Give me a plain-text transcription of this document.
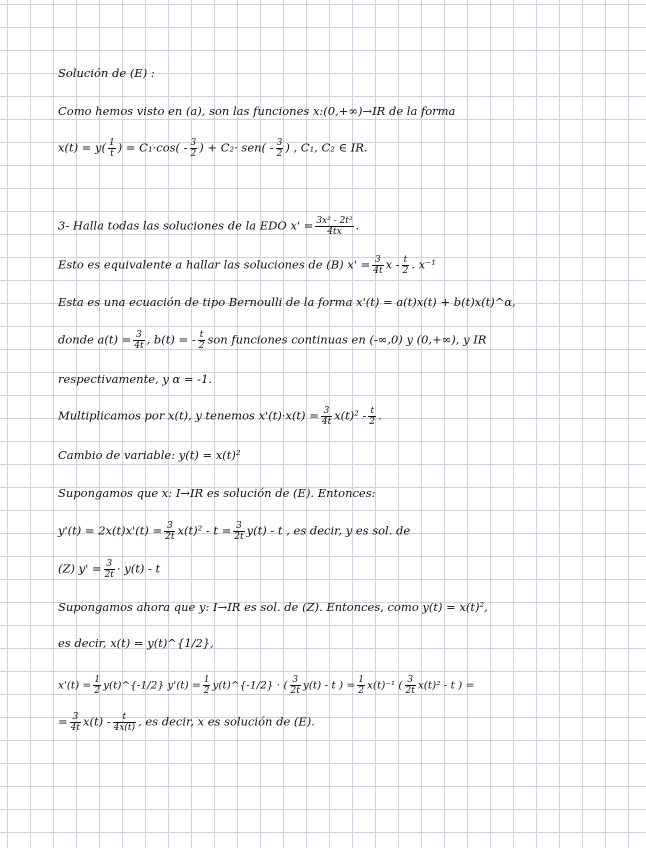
Solución de (E) :
Como hemos visto en (a), son las funciones x:(0,+∞)→IR de la forma
$x(t) = y( \frac{1}{t}$ ) = $C_1\cdot\cos( - \frac{3}{2}$ ) + $C_2\cdot sen( - \frac{3}{2}$ ) , C₁, C₂ ∈ IR.
3- Halla todas las soluciones de la EDO $x' = \frac{\text{3x² - 2t²}}{4tx}$ .
Esto es equivalente a hallar las soluciones de (B) $x' = \frac{3}{4t}$ x - $\frac{t}{2}$ . x⁻¹
Esta es una ecuación de tipo Bernoulli de la forma x'(t) = a(t)x(t) + b(t)x(t)^α,
donde $a(t) = \frac{3}{4t}$ , b(t) = - $\frac{t}{2}$ son funciones continuas en (-∞,0) y (0,+∞), y IR
respectivamente, y α = -1.
Multiplicamos por x(t), y tenemos $x'(t)\cdot x(t) = \frac{3}{4t} x(t)^2 - \frac{t}{2}$ .
Cambio de variable: y(t) = x(t)²
Supongamos que x: I→IR es solución de (E). Entonces:
$y'(t) = 2x(t)x'(t) = \frac{3}{2t} x(t)^2 - t = \frac{3}{2t} y(t) - t$ , es decir, y es sol. de
(Z) $y' = \frac{3}{2t} \cdot y(t) - t$
Supongamos ahora que y: I→IR es sol. de (Z). Entonces, como y(t) = x(t)²,
es decir, x(t) = y(t)^{1/2},
$x'(t) = \frac{1}{2}$ y(t)^{-1/2} $y'(t) = \frac{1}{2}$ y(t)^{-1/2} · ( $\frac{3}{2t} y(t)$ - t ) = $\frac{1}{2} x(t)^{-1}$ ( $\frac{3}{2t} x(t)^2$ - t ) =
= $\frac{3}{4t} x(t) - \frac{t}{4x(t)}$ , es decir, x es solución de (E).
